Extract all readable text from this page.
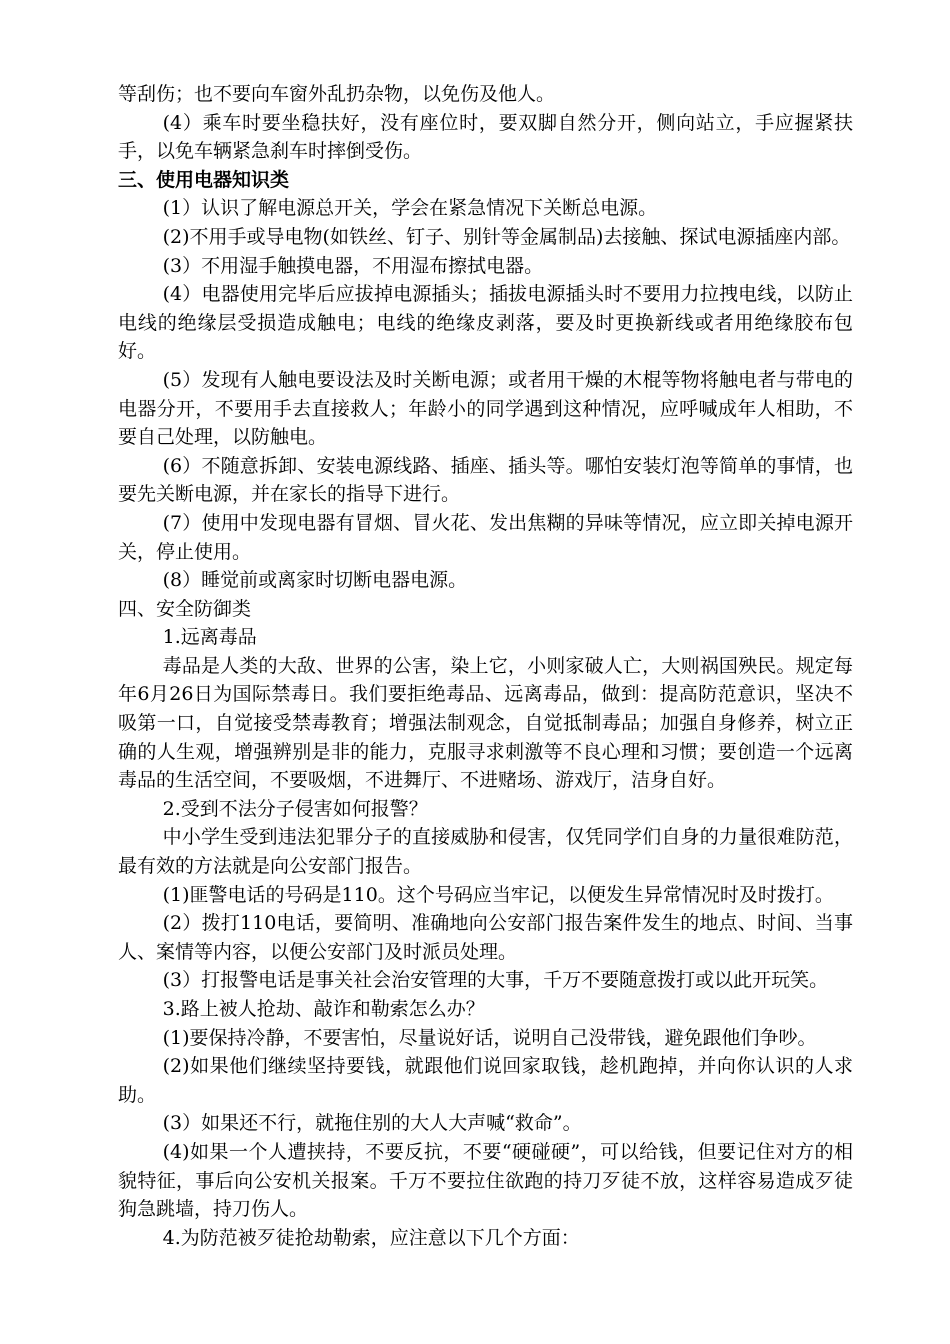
等刮伤；也不要向车窗外乱扔杂物，以免伤及他人。

(4）乘车时要坐稳扶好，没有座位时，要双脚自然分开，侧向站立，手应握紧扶手，以免车辆紧急刹车时摔倒受伤。

三、使用电器知识类

(1）认识了解电源总开关，学会在紧急情况下关断总电源。

(2)不用手或导电物(如铁丝、钉子、别针等金属制品)去接触、探试电源插座内部。

(3）不用湿手触摸电器，不用湿布擦拭电器。

(4）电器使用完毕后应拔掉电源插头；插拔电源插头时不要用力拉拽电线，以防止电线的绝缘层受损造成触电；电线的绝缘皮剥落，要及时更换新线或者用绝缘胶布包好。

(5）发现有人触电要设法及时关断电源；或者用干燥的木棍等物将触电者与带电的电器分开，不要用手去直接救人；年龄小的同学遇到这种情况，应呼喊成年人相助，不要自己处理，以防触电。

(6）不随意拆卸、安装电源线路、插座、插头等。哪怕安装灯泡等简单的事情，也要先关断电源，并在家长的指导下进行。

(7）使用中发现电器有冒烟、冒火花、发出焦糊的异味等情况，应立即关掉电源开关，停止使用。

(8）睡觉前或离家时切断电器电源。

四、安全防御类

1.远离毒品

毒品是人类的大敌、世界的公害，染上它，小则家破人亡，大则祸国殃民。规定每年6月26日为国际禁毒日。我们要拒绝毒品、远离毒品，做到：提高防范意识，坚决不吸第一口，自觉接受禁毒教育；增强法制观念，自觉抵制毒品；加强自身修养，树立正确的人生观，增强辨别是非的能力，克服寻求刺激等不良心理和习惯；要创造一个远离毒品的生活空间，不要吸烟，不进舞厅、不进赌场、游戏厅，洁身自好。

2.受到不法分子侵害如何报警？

中小学生受到违法犯罪分子的直接威胁和侵害，仅凭同学们自身的力量很难防范，最有效的方法就是向公安部门报告。

(1)匪警电话的号码是110。这个号码应当牢记，以便发生异常情况时及时拨打。

(2）拨打110电话，要简明、准确地向公安部门报告案件发生的地点、时间、当事人、案情等内容，以便公安部门及时派员处理。

(3）打报警电话是事关社会治安管理的大事，千万不要随意拨打或以此开玩笑。

3.路上被人抢劫、敲诈和勒索怎么办？

(1)要保持冷静，不要害怕，尽量说好话，说明自己没带钱，避免跟他们争吵。

(2)如果他们继续坚持要钱，就跟他们说回家取钱，趁机跑掉，并向你认识的人求助。

(3）如果还不行，就拖住别的大人大声喊“救命”。

(4)如果一个人遭挟持，不要反抗，不要“硬碰硬”，可以给钱，但要记住对方的相貌特征，事后向公安机关报案。千万不要拉住欲跑的持刀歹徒不放，这样容易造成歹徒狗急跳墙，持刀伤人。

4.为防范被歹徒抢劫勒索，应注意以下几个方面：
